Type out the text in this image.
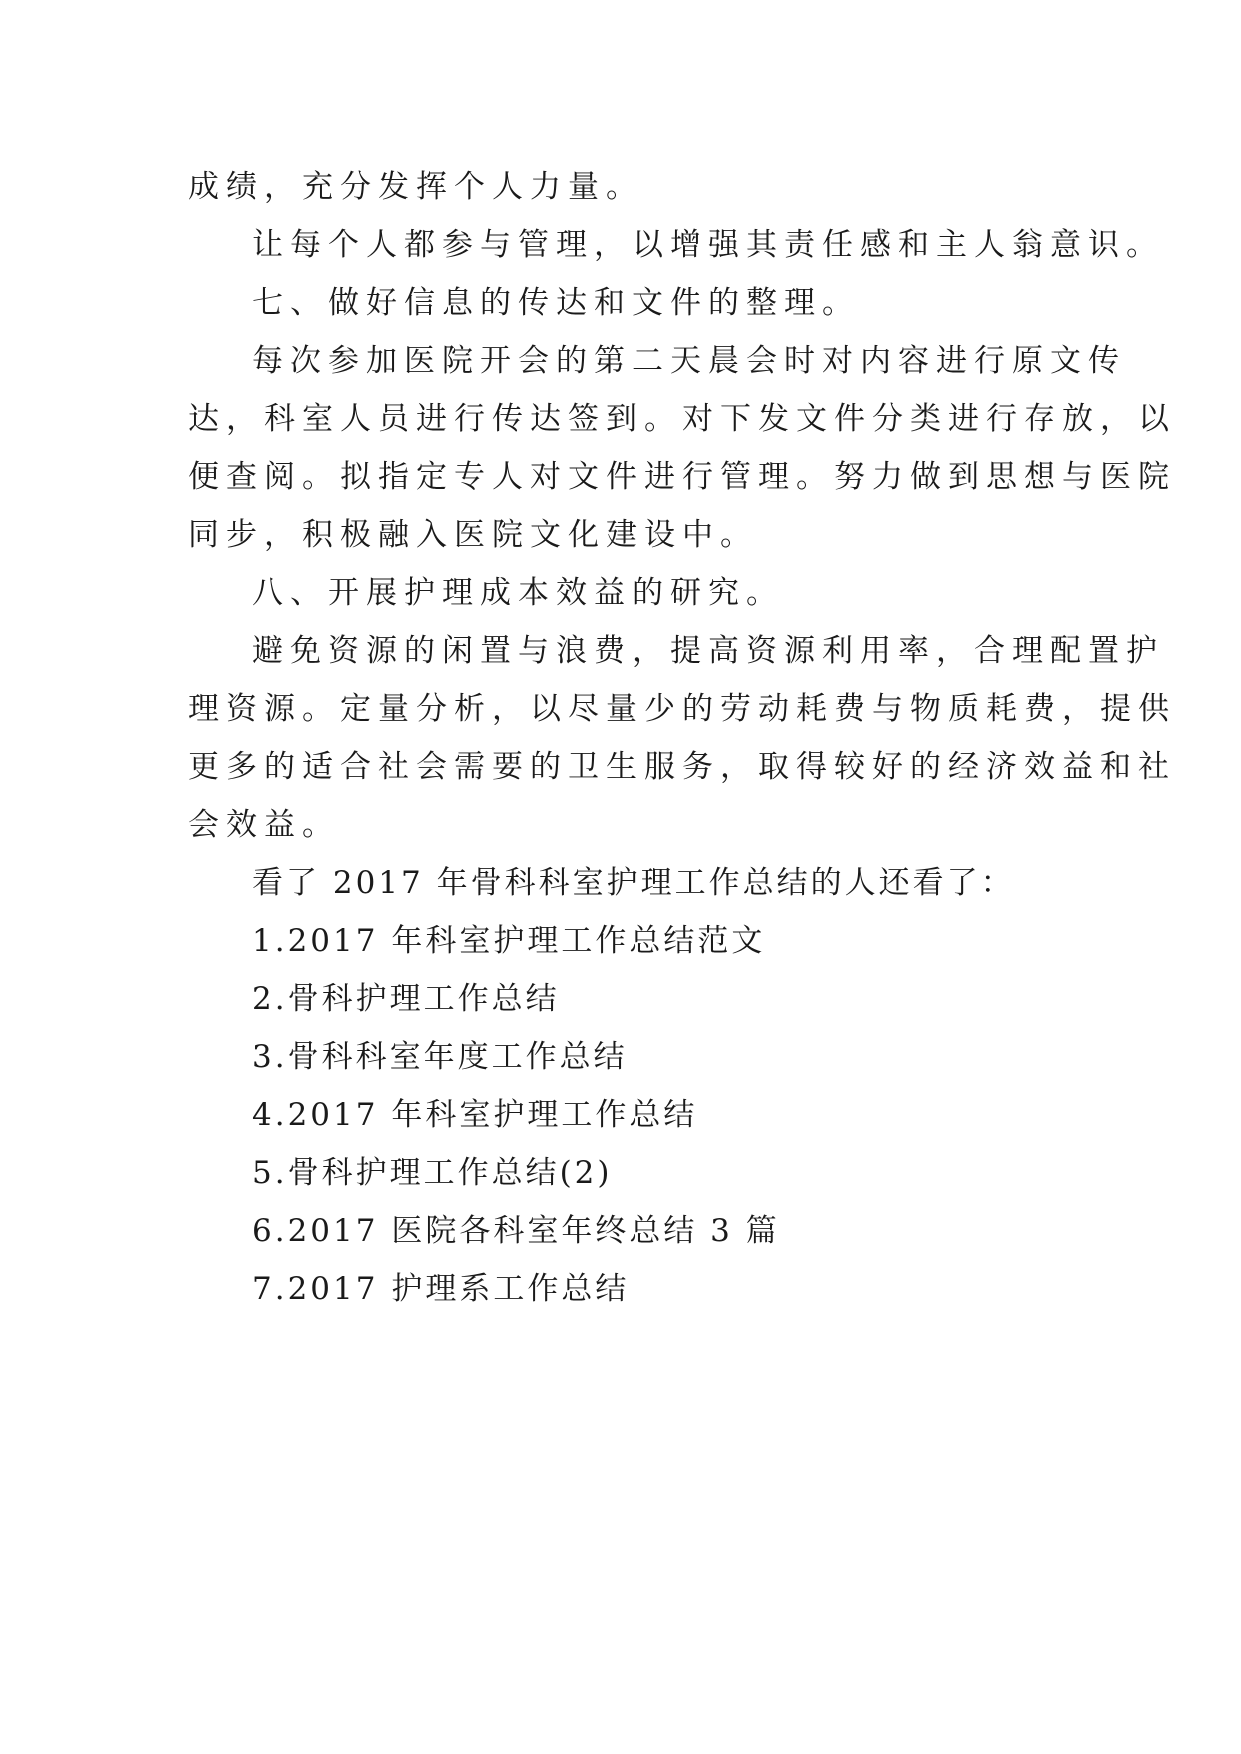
成绩，充分发挥个人力量。
让每个人都参与管理，以增强其责任感和主人翁意识。
七、做好信息的传达和文件的整理。
每次参加医院开会的第二天晨会时对内容进行原文传
达，科室人员进行传达签到。对下发文件分类进行存放，以
便查阅。拟指定专人对文件进行管理。努力做到思想与医院
同步，积极融入医院文化建设中。
八、开展护理成本效益的研究。
避免资源的闲置与浪费，提高资源利用率，合理配置护
理资源。定量分析，以尽量少的劳动耗费与物质耗费，提供
更多的适合社会需要的卫生服务，取得较好的经济效益和社
会效益。
看了 2017 年骨科科室护理工作总结的人还看了：
1.2017 年科室护理工作总结范文
2.骨科护理工作总结
3.骨科科室年度工作总结
4.2017 年科室护理工作总结
5.骨科护理工作总结(2)
6.2017 医院各科室年终总结 3 篇
7.2017 护理系工作总结
